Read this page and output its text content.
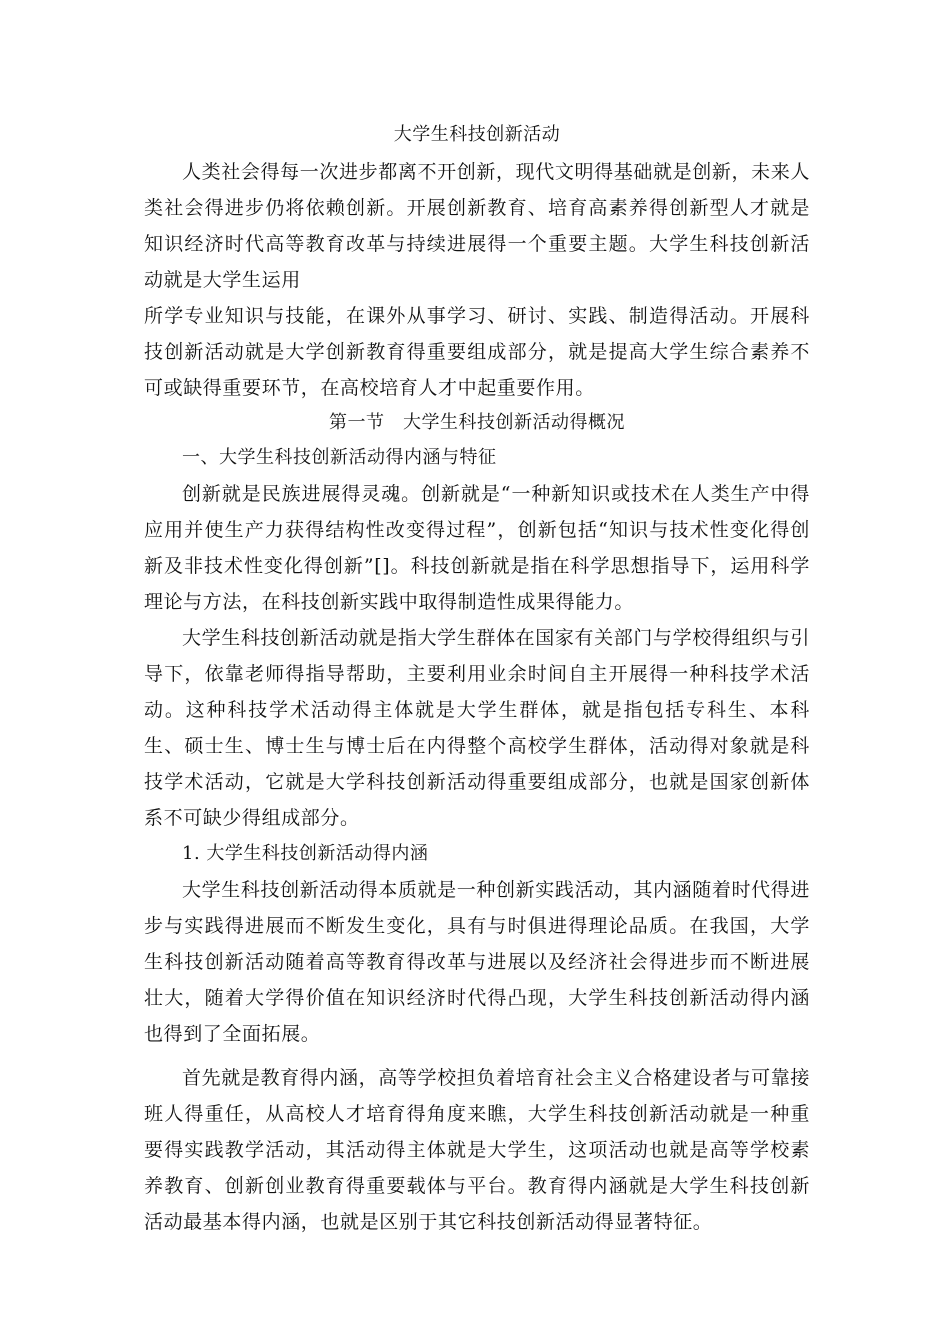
大学生科技创新活动

人类社会得每一次进步都离不开创新，现代文明得基础就是创新，未来人类社会得进步仍将依赖创新。开展创新教育、培育高素养得创新型人才就是知识经济时代高等教育改革与持续进展得一个重要主题。大学生科技创新活动就是大学生运用

所学专业知识与技能，在课外从事学习、研讨、实践、制造得活动。开展科技创新活动就是大学创新教育得重要组成部分，就是提高大学生综合素养不可或缺得重要环节，在高校培育人才中起重要作用。

第一节　大学生科技创新活动得概况

一、大学生科技创新活动得内涵与特征

创新就是民族进展得灵魂。创新就是“一种新知识或技术在人类生产中得应用并使生产力获得结构性改变得过程”，创新包括“知识与技术性变化得创新及非技术性变化得创新”[]。科技创新就是指在科学思想指导下，运用科学理论与方法，在科技创新实践中取得制造性成果得能力。

大学生科技创新活动就是指大学生群体在国家有关部门与学校得组织与引导下，依靠老师得指导帮助，主要利用业余时间自主开展得一种科技学术活动。这种科技学术活动得主体就是大学生群体，就是指包括专科生、本科生、硕士生、博士生与博士后在内得整个高校学生群体，活动得对象就是科技学术活动，它就是大学科技创新活动得重要组成部分，也就是国家创新体系不可缺少得组成部分。

1. 大学生科技创新活动得内涵

大学生科技创新活动得本质就是一种创新实践活动，其内涵随着时代得进步与实践得进展而不断发生变化，具有与时俱进得理论品质。在我国，大学生科技创新活动随着高等教育得改革与进展以及经济社会得进步而不断进展壮大，随着大学得价值在知识经济时代得凸现，大学生科技创新活动得内涵也得到了全面拓展。

首先就是教育得内涵，高等学校担负着培育社会主义合格建设者与可靠接班人得重任，从高校人才培育得角度来瞧，大学生科技创新活动就是一种重要得实践教学活动，其活动得主体就是大学生，这项活动也就是高等学校素养教育、创新创业教育得重要载体与平台。教育得内涵就是大学生科技创新活动最基本得内涵，也就是区别于其它科技创新活动得显著特征。
